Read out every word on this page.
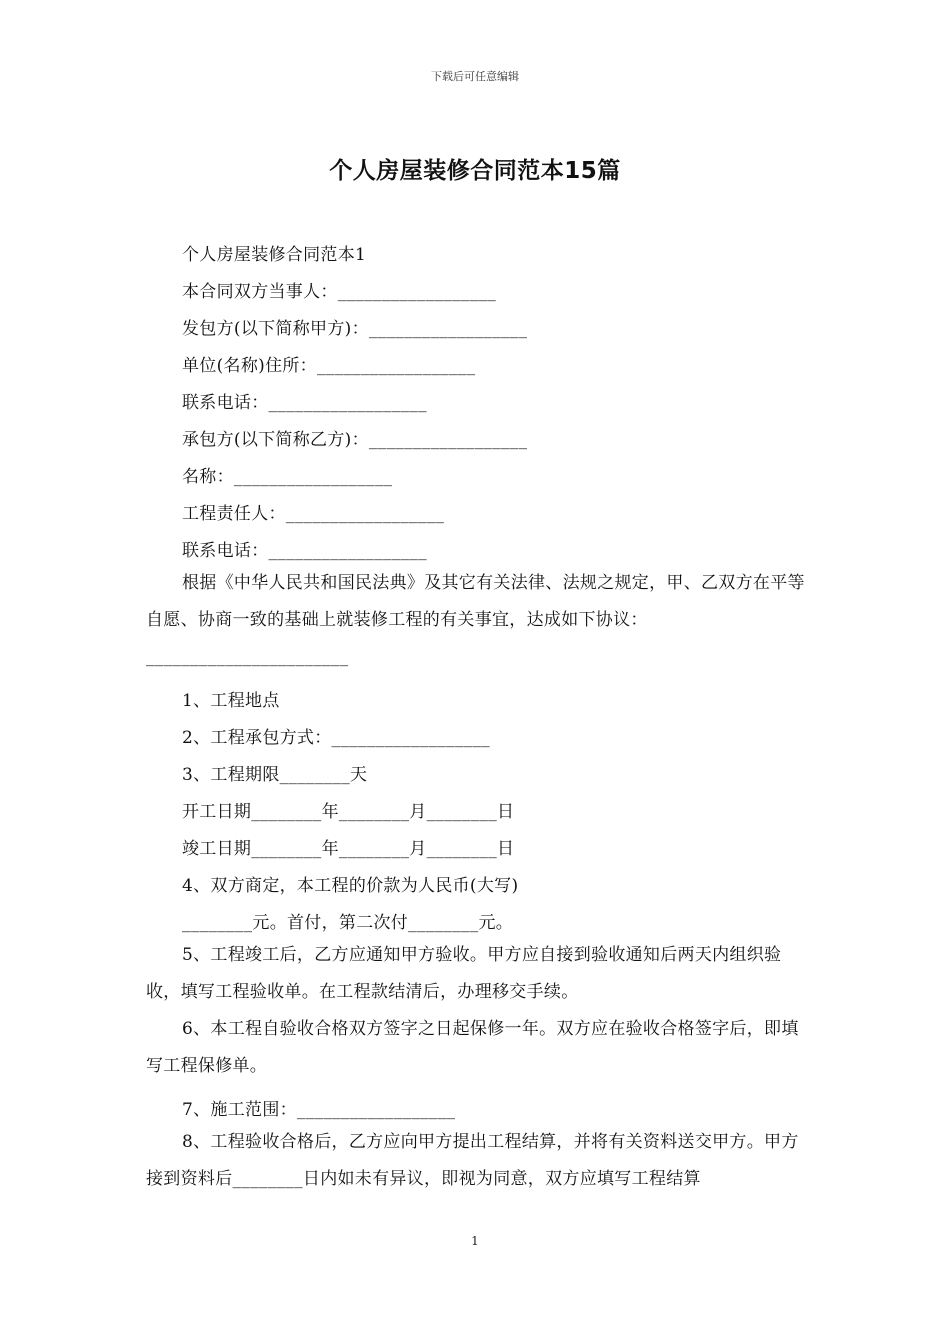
下载后可任意编辑
个人房屋装修合同范本15篇
个人房屋装修合同范本1
本合同双方当事人：__________________
发包方(以下简称甲方)：__________________
单位(名称)住所：__________________
联系电话：__________________
承包方(以下简称乙方)：__________________
名称：__________________
工程责任人：__________________
联系电话：__________________
根据《中华人民共和国民法典》及其它有关法律、法规之规定，甲、乙双方在平等自愿、协商一致的基础上就装修工程的有关事宜，达成如下协议：_______________________
1、工程地点
2、工程承包方式：__________________
3、工程期限________天
开工日期________年________月________日
竣工日期________年________月________日
4、双方商定，本工程的价款为人民币(大写)
________元。首付，第二次付________元。
5、工程竣工后，乙方应通知甲方验收。甲方应自接到验收通知后两天内组织验收，填写工程验收单。在工程款结清后，办理移交手续。
6、本工程自验收合格双方签字之日起保修一年。双方应在验收合格签字后，即填写工程保修单。
7、施工范围：__________________
8、工程验收合格后，乙方应向甲方提出工程结算，并将有关资料送交甲方。甲方接到资料后________日内如未有异议，即视为同意，双方应填写工程结算
1
